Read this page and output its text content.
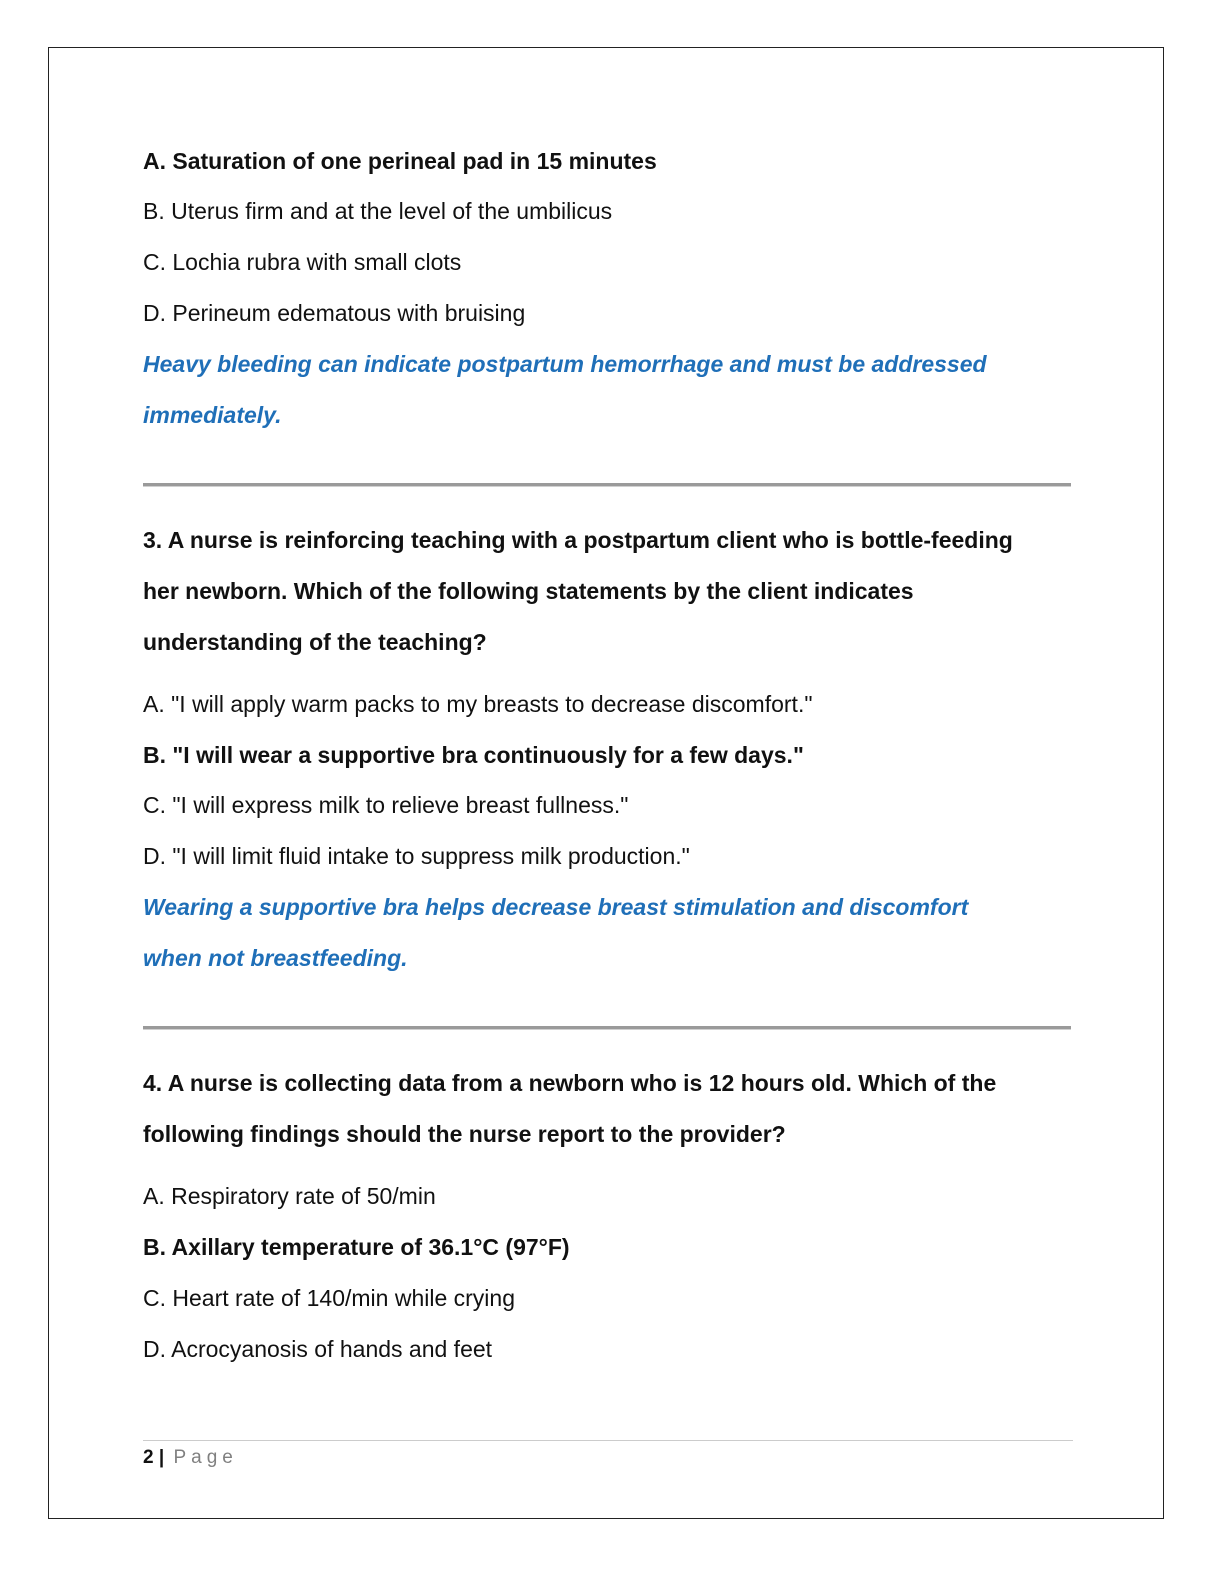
A. Saturation of one perineal pad in 15 minutes
B. Uterus firm and at the level of the umbilicus
C. Lochia rubra with small clots
D. Perineum edematous with bruising
Heavy bleeding can indicate postpartum hemorrhage and must be addressed
immediately.
3. A nurse is reinforcing teaching with a postpartum client who is bottle-feeding
her newborn. Which of the following statements by the client indicates
understanding of the teaching?
A. "I will apply warm packs to my breasts to decrease discomfort."
B. "I will wear a supportive bra continuously for a few days."
C. "I will express milk to relieve breast fullness."
D. "I will limit fluid intake to suppress milk production."
Wearing a supportive bra helps decrease breast stimulation and discomfort
when not breastfeeding.
4. A nurse is collecting data from a newborn who is 12 hours old. Which of the
following findings should the nurse report to the provider?
A. Respiratory rate of 50/min
B. Axillary temperature of 36.1°C (97°F)
C. Heart rate of 140/min while crying
D. Acrocyanosis of hands and feet
2 | Page
